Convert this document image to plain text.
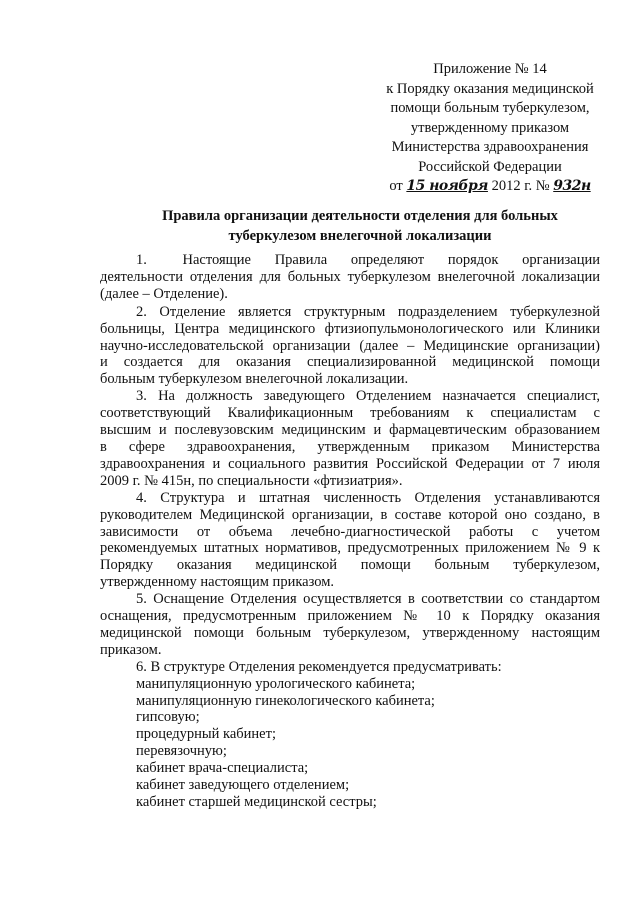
Приложение № 14
к Порядку оказания медицинской
помощи больным туберкулезом,
утвержденному приказом
Министерства здравоохранения
Российской Федерации
от 15 ноября 2012 г. № 932н
Правила организации деятельности отделения для больных
туберкулезом внелегочной локализации
1.      Настоящие    Правила    определяют    порядок    организации
деятельности отделения для больных туберкулезом внелегочной локализации
(далее – Отделение).
2. Отделение является структурным подразделением туберкулезной
больницы, Центра медицинского фтизиопульмонологического или Клиники
научно-исследовательской организации (далее – Медицинские организации)
и создается для оказания специализированной медицинской помощи
больным туберкулезом внелегочной локализации.
3. На должность заведующего Отделением назначается специалист,
соответствующий Квалификационным требованиям к специалистам с
высшим и послевузовским медицинским и фармацевтическим образованием
в сфере здравоохранения, утвержденным приказом Министерства
здравоохранения и социального развития Российской Федерации от 7 июля
2009 г. № 415н, по специальности «фтизиатрия».
4. Структура и штатная численность Отделения устанавливаются
руководителем Медицинской организации, в составе которой оно создано, в
зависимости от объема лечебно-диагностической работы с учетом
рекомендуемых штатных нормативов, предусмотренных приложением № 9 к
Порядку оказания медицинской помощи больным туберкулезом,
утвержденному настоящим приказом.
5. Оснащение Отделения осуществляется в соответствии со стандартом
оснащения, предусмотренным приложением № 10 к Порядку оказания
медицинской помощи больным туберкулезом, утвержденному настоящим
приказом.
6. В структуре Отделения рекомендуется предусматривать:
манипуляционную урологического кабинета;
манипуляционную гинекологического кабинета;
гипсовую;
процедурный кабинет;
перевязочную;
кабинет врача-специалиста;
кабинет заведующего отделением;
кабинет старшей медицинской сестры;
